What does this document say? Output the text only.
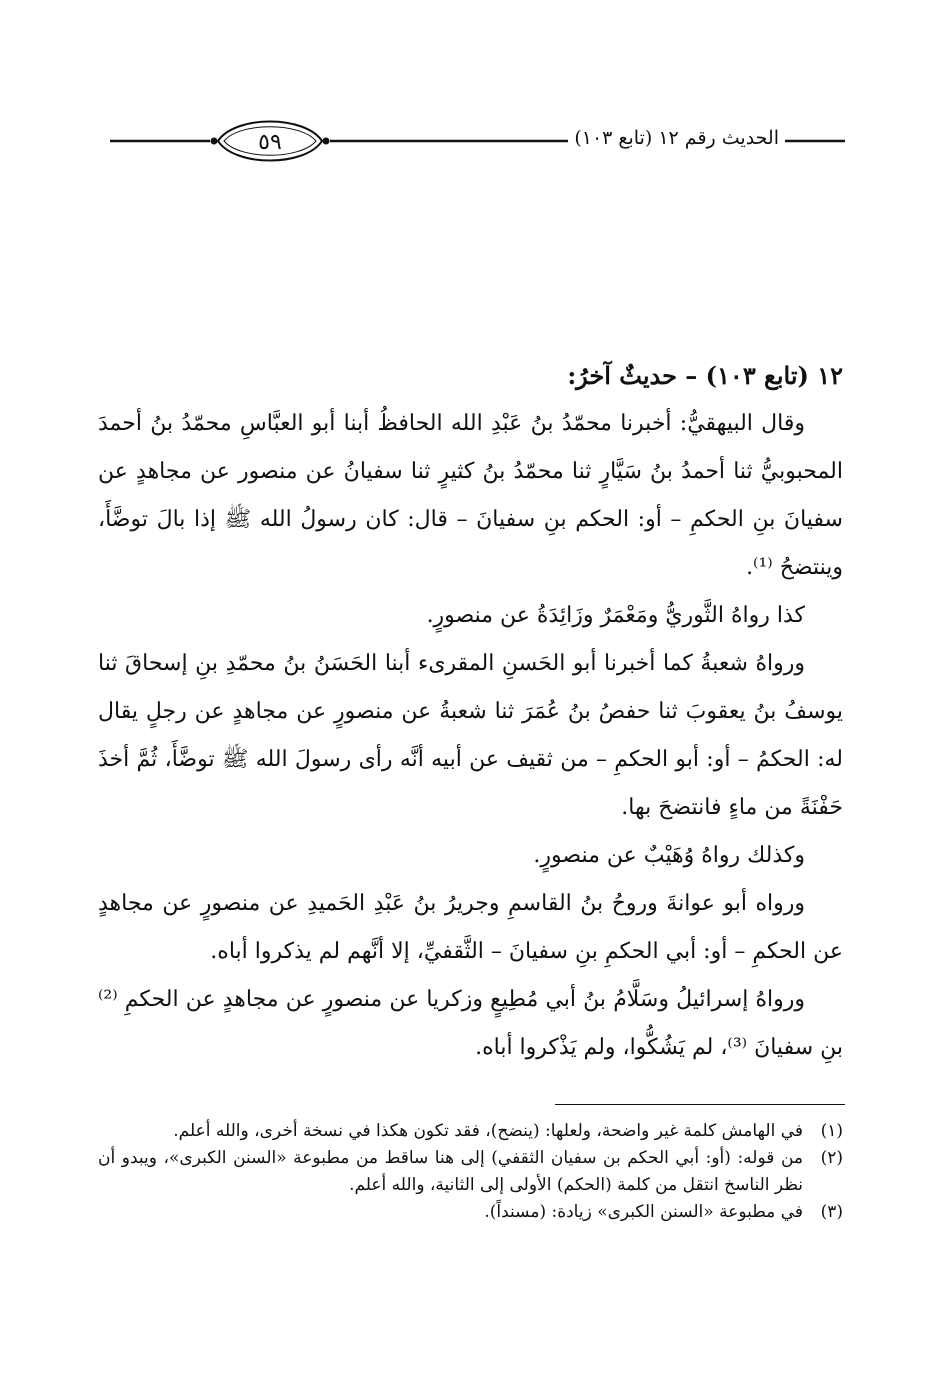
٥٩	الحديث رقم ١٢ (تابع ١٠٣)

١٢ (تابع ١٠٣) – حديثٌ آخرُ:

وقال البيهقيُّ: أخبرنا محمّدُ بنُ عَبْدِ الله الحافظُ أبنا أبو العبَّاسِ محمّدُ بنُ أحمدَ المحبوبيُّ ثنا أحمدُ بنُ سَيَّارٍ ثنا محمّدُ بنُ كثيرٍ ثنا سفيانُ عن منصور عن مجاهدٍ عن سفيانَ بنِ الحكمِ – أو: الحكم بنِ سفيانَ – قال: كان رسولُ الله ﷺ إذا بالَ توضَّأَ، وينتضحُ ⁽¹⁾.

كذا رواهُ الثَّوريُّ ومَعْمَرٌ وزَائِدَةُ عن منصورٍ.

ورواهُ شعبةُ كما أخبرنا أبو الحَسنِ المقرىء أبنا الحَسَنُ بنُ محمّدِ بنِ إسحاقَ ثنا يوسفُ بنُ يعقوبَ ثنا حفصُ بنُ عُمَرَ ثنا شعبةُ عن منصورٍ عن مجاهدٍ عن رجلٍ يقال له: الحكمُ – أو: أبو الحكمِ – من ثقيف عن أبيه أنَّه رأى رسولَ الله ﷺ توضَّأَ، ثُمَّ أخذَ حَفْنَةً من ماءٍ فانتضحَ بها.

وكذلك رواهُ وُهَيْبٌ عن منصورٍ.

ورواه أبو عوانةَ وروحُ بنُ القاسمِ وجريرُ بنُ عَبْدِ الحَميدِ عن منصورٍ عن مجاهدٍ عن الحكمِ – أو: أبي الحكمِ بنِ سفيانَ – الثَّقفيِّ، إلا أنَّهم لم يذكروا أباه.

ورواهُ إسرائيلُ وسَلَّامُ بنُ أبي مُطِيعٍ وزكريا عن منصورٍ عن مجاهدٍ عن الحكمِ ⁽²⁾ بنِ سفيانَ ⁽³⁾، لم يَشُكُّوا، ولم يَذْكروا أباه.

(١)
في الهامش كلمة غير واضحة، ولعلها: (ينضح)، فقد تكون هكذا في نسخة أخرى، والله أعلم.
(٢)
من قوله: (أو: أبي الحكم بن سفيان الثقفي) إلى هنا ساقط من مطبوعة «السنن الكبرى»، ويبدو أن نظر الناسخ انتقل من كلمة (الحكم) الأولى إلى الثانية، والله أعلم.
(٣)
في مطبوعة «السنن الكبرى» زيادة: (مسنداً).
